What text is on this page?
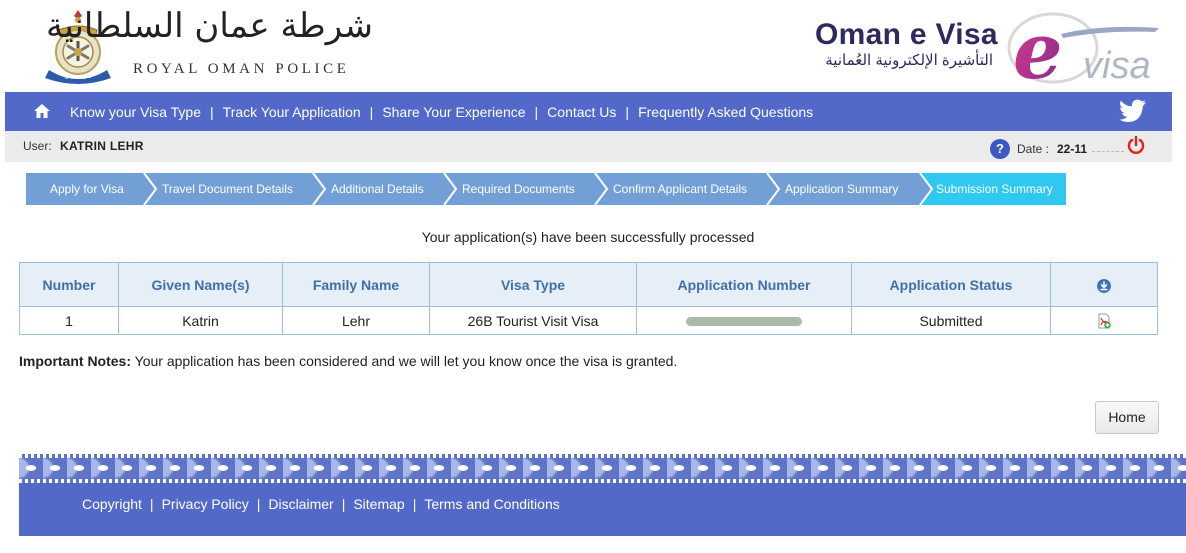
شرطة عمان
شرطة عمان السلطانية
ROYAL OMAN POLICE
Oman e Visa
التأشيرة الإلكترونية العُمانية e visa
Know your Visa Type | Track Your Application | Share Your Experience | Contact Us | Frequently Asked Questions
User: KATRIN LEHR	?	Date : 22-11
Apply for Visa	Travel Document Details	Additional Details	Required Documents	Confirm Applicant Details	Application Summary	Submission Summary
Your application(s) have been successfully processed
Number	Given Name(s)	Family Name	Visa Type	Application Number	Application Status	
1	Katrin	Lehr	26B Tourist Visit Visa		Submitted	
Important Notes: Your application has been considered and we will let you know once the visa is granted.
Home
Copyright | Privacy Policy | Disclaimer | Sitemap | Terms and Conditions
